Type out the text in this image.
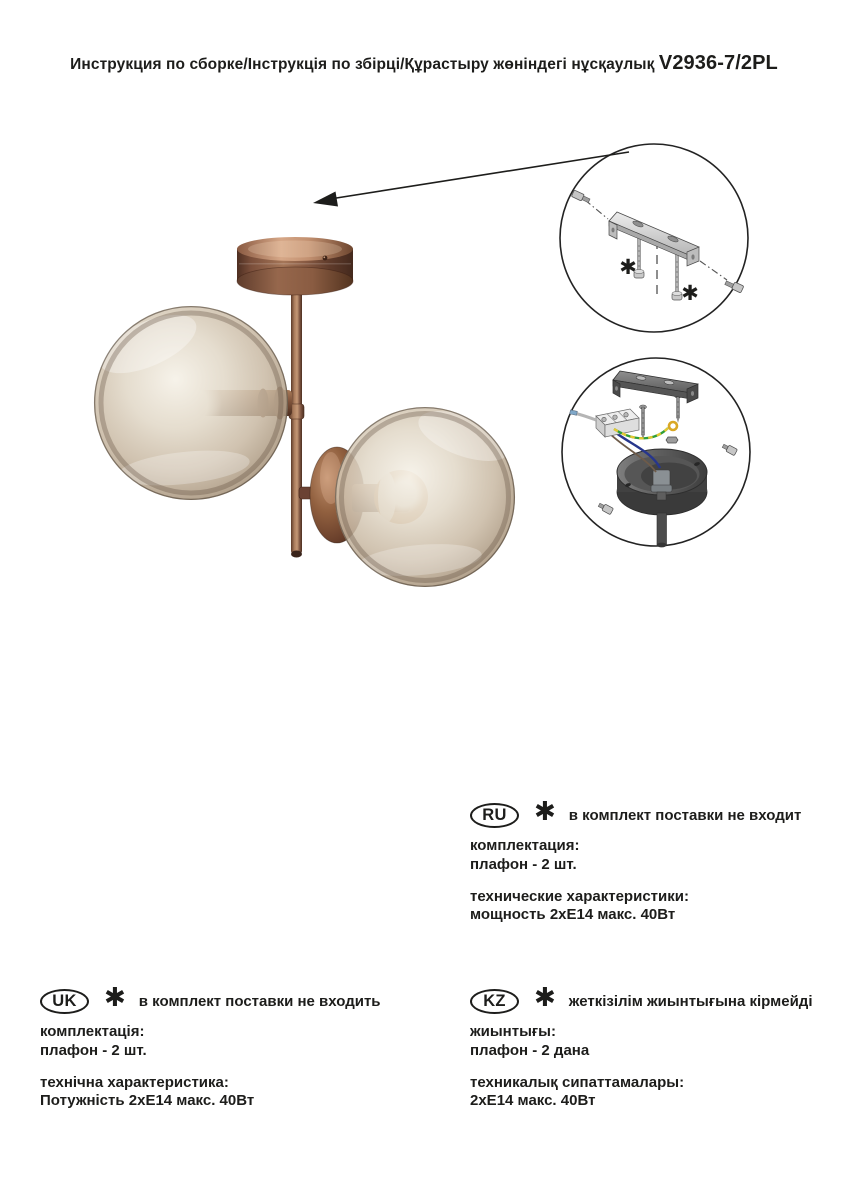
Инструкция по сборке/Інструкція по збірці/Құрастыру жөніндегі нұсқаулық V2936-7/2PL
✱
✱
RU	✱ в комплект поставки не входит
комплектация:
плафон - 2 шт.
технические характеристики:
мощность 2хЕ14 макс. 40Вт
UK	✱ в комплект поставки не входить
комплектація:
плафон - 2 шт.
технічна характеристика:
Потужність 2хЕ14 макс. 40Вт
KZ	✱ жеткізілім жиынтығына кірмейді
жиынтығы:
плафон - 2 дана
техникалық сипаттамалары:
2хЕ14 макс. 40Вт
